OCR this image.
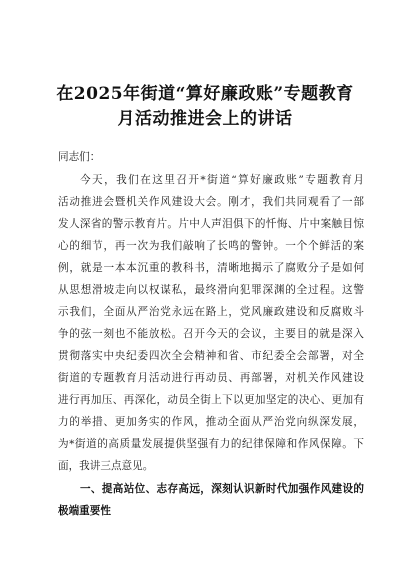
在2025年街道“算好廉政账”专题教育
月活动推进会上的讲话
同志们：
今天，我们在这里召开*街道“算好廉政账”专题教育月
活动推进会暨机关作风建设大会。刚才，我们共同观看了一部
发人深省的警示教育片。片中人声泪俱下的忏悔、片中案触目惊
心的细节，再一次为我们敲响了长鸣的警钟。一个个鲜活的案
例，就是一本本沉重的教科书，清晰地揭示了腐败分子是如何
从思想滑坡走向以权谋私，最终滑向犯罪深渊的全过程。这警
示我们，全面从严治党永远在路上，党风廉政建设和反腐败斗
争的弦一刻也不能放松。召开今天的会议，主要目的就是深入
贯彻落实中央纪委四次全会精神和省、市纪委全会部署，对全
街道的专题教育月活动进行再动员、再部署，对机关作风建设
进行再加压、再深化，动员全街上下以更加坚定的决心、更加有
力的举措、更加务实的作风，推动全面从严治党向纵深发展，
为*街道的高质量发展提供坚强有力的纪律保障和作风保障。下
面，我讲三点意见。
一、提高站位、志存高远，深刻认识新时代加强作风建设的
极端重要性
